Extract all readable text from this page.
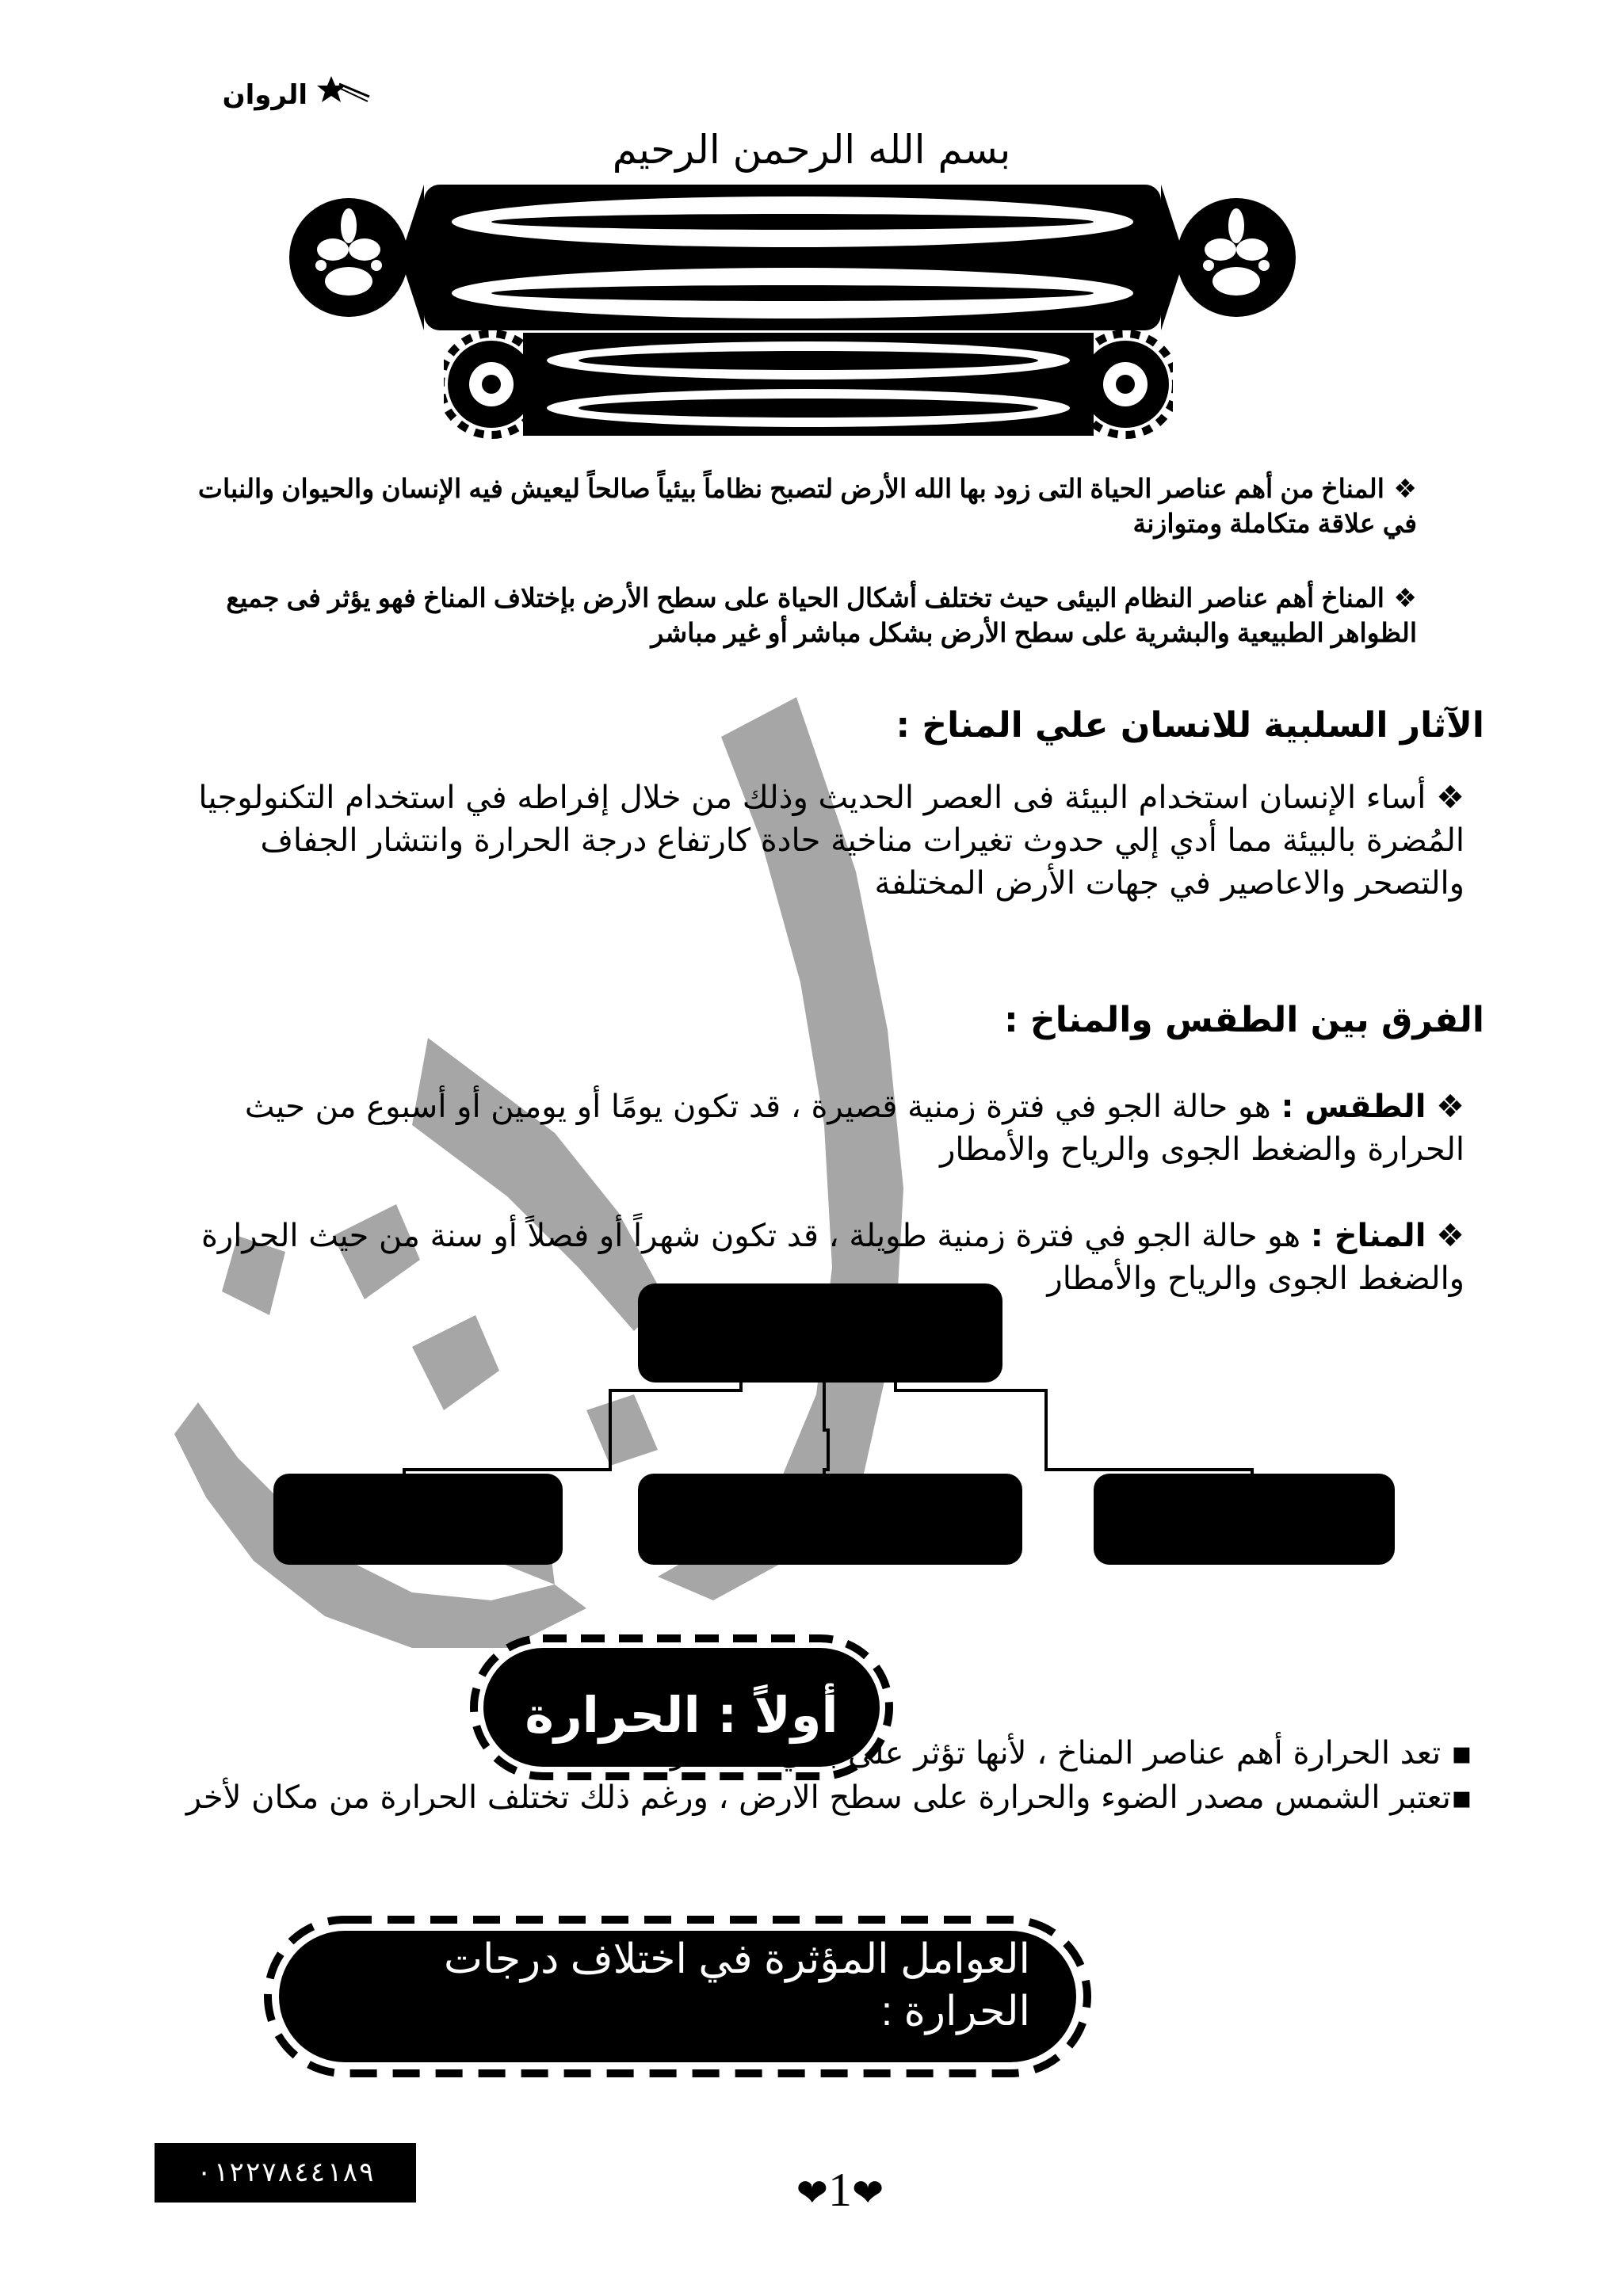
الروان
بسم الله الرحمن الرحيم
❖ المناخ من أهم عناصر الحياة التى زود بها الله الأرض لتصبح نظاماً بيئياً صالحاً ليعيش فيه الإنسان والحيوان والنبات في علاقة متكاملة ومتوازنة
❖ المناخ أهم عناصر النظام البيئى حيث تختلف أشكال الحياة على سطح الأرض بإختلاف المناخ فهو يؤثر فى جميع الظواهر الطبيعية والبشرية على سطح الأرض بشكل مباشر أو غير مباشر
الآثار السلبية للانسان علي المناخ :
❖ أساء الإنسان استخدام البيئة فى العصر الحديث وذلك من خلال إفراطه في استخدام التكنولوجيا المُضرة بالبيئة مما أدي إلي حدوث تغيرات مناخية حادة كارتفاع درجة الحرارة وانتشار الجفاف والتصحر والاعاصير في جهات الأرض المختلفة
الفرق بين الطقس والمناخ :
❖ الطقس : هو حالة الجو في فترة زمنية قصيرة ، قد تكون يومًا أو يومين أو أسبوع من حيث الحرارة والضغط الجوى والرياح والأمطار
❖ المناخ : هو حالة الجو في فترة زمنية طويلة ، قد تكون شهراً أو فصلاً أو سنة من حيث الحرارة والضغط الجوى والرياح والأمطار
أولاً : الحرارة
▪ تعد الحرارة أهم عناصر المناخ ، لأنها تؤثر على باقي العناصر
▪تعتبر الشمس مصدر الضوء والحرارة على سطح الارض ، ورغم ذلك تختلف الحرارة من مكان لأخر
العوامل المؤثرة في اختلاف درجات الحرارة :
٠١٢٢٧٨٤٤١٨٩	❤1❤
